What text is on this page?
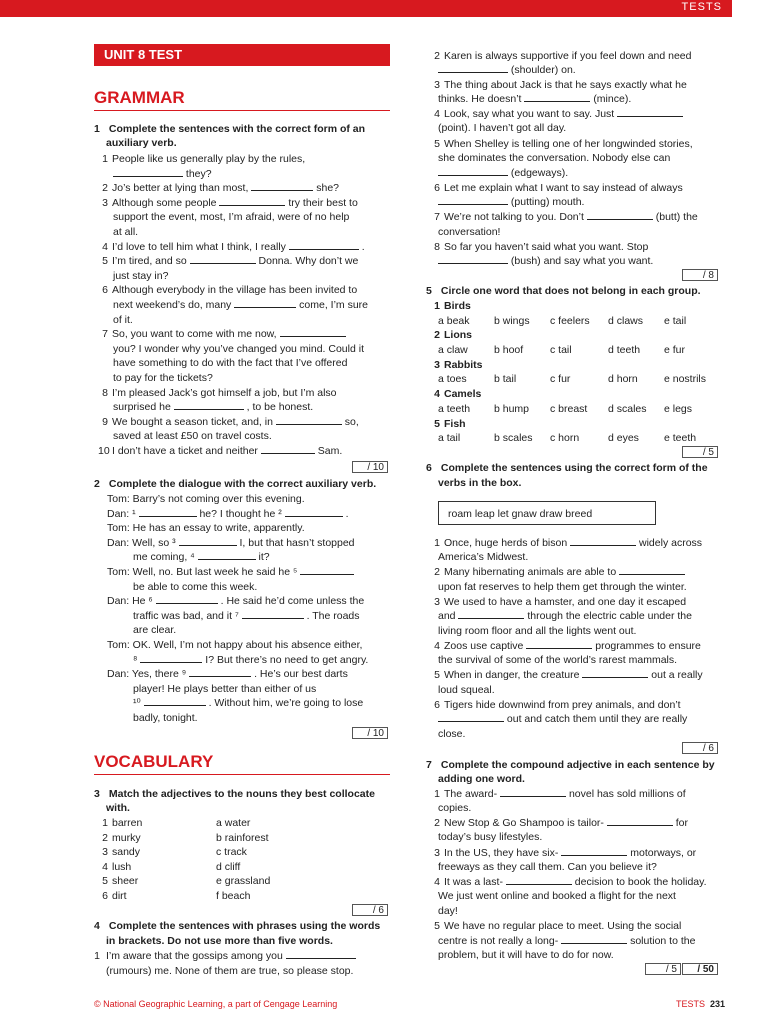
TESTS
UNIT 8 TEST
GRAMMAR
1 Complete the sentences with the correct form of an
auxiliary verb.
/ 10
2 Complete the dialogue with the correct auxiliary verb.
/ 10
VOCABULARY
3 Match the adjectives to the nouns they best collocate
with.
/ 6
4 Complete the sentences with phrases using the words
in brackets. Do not use more than five words.
1 I’m aware that the gossips among you
(rumours) me. None of them are true, so please stop.
/ 8
5 Circle one word that does not belong in each group.
/ 5
6 Complete the sentences using the correct form of the
verbs in the box.
roam leap let gnaw draw breed
/ 6
7 Complete the compound adjective in each sentence by
adding one word.
/ 5	/ 50
© National Geographic Learning, a part of Cengage Learning	TESTS 231
1 People like us generally play by the rules,
they?
2 Jo’s better at lying than most,	she?
3 Although some people	try their best to
support the event, most, I’m afraid, were of no help
at all.
4 I’d love to tell him what I think, I really	.
5 I’m tired, and so	Donna. Why don’t we
just stay in?
6 Although everybody in the village has been invited to
next weekend’s do, many	come, I’m sure
of it.
7 So, you want to come with me now,
you? I wonder why you’ve changed you mind. Could it
have something to do with the fact that I’ve offered
to pay for the tickets?
8 I’m pleased Jack’s got himself a job, but I’m also
surprised he	, to be honest.
9 We bought a season ticket, and, in	so,
saved at least £50 on travel costs.
10 I don’t have a ticket and neither	Sam.
Tom: Barry’s not coming over this evening.
Dan: ¹	he? I thought he ²	.
Tom: He has an essay to write, apparently.
Dan: Well, so ³	I, but that hasn’t stopped
me coming, ⁴	it?
Tom: Well, no. But last week he said he ⁵
be able to come this week.
Dan: He ⁶	. He said he’d come unless the
traffic was bad, and it ⁷	. The roads
are clear.
Tom: OK. Well, I’m not happy about his absence either,
⁸	I? But there’s no need to get angry.
Dan: Yes, there ⁹	. He’s our best darts
player! He plays better than either of us
¹⁰	. Without him, we’re going to lose
badly, tonight.
1 barren	a water
2 murky	b rainforest
3 sandy	c track
4 lush	d cliff
5 sheer	e grassland
6 dirt	f beach
2 Karen is always supportive if you feel down and need
(shoulder) on.
3 The thing about Jack is that he says exactly what he
thinks. He doesn’t	(mince).
4 Look, say what you want to say. Just
(point). I haven’t got all day.
5 When Shelley is telling one of her longwinded stories,
she dominates the conversation. Nobody else can
(edgeways).
6 Let me explain what I want to say instead of always
(putting) mouth.
7 We’re not talking to you. Don’t	(butt) the
conversation!
8 So far you haven’t said what you want. Stop
(bush) and say what you want.
1 Birds
a beak b wings c feelers d claws e tail
2 Lions
a claw b hoof	c tail	d teeth e fur
3 Rabbits
a toes	b tail	c fur	d horn e nostrils
4 Camels
a teeth b hump c breast d scales e legs
5 Fish
a tail	b scales c horn	d eyes e teeth
1 Once, huge herds of bison	widely across
America’s Midwest.
2 Many hibernating animals are able to
upon fat reserves to help them get through the winter.
3 We used to have a hamster, and one day it escaped
and	through the electric cable under the
living room floor and all the lights went out.
4 Zoos use captive	programmes to ensure
the survival of some of the world’s rarest mammals.
5 When in danger, the creature	out a really
loud squeal.
6 Tigers hide downwind from prey animals, and don’t
out and catch them until they are really
close.
1 The award-	novel has sold millions of
copies.
2 New Stop & Go Shampoo is tailor-	for
today’s busy lifestyles.
3 In the US, they have six-	motorways, or
freeways as they call them. Can you believe it?
4 It was a last-	decision to book the holiday.
We just went online and booked a flight for the next
day!
5 We have no regular place to meet. Using the social
centre is not really a long-	solution to the
problem, but it will have to do for now.
